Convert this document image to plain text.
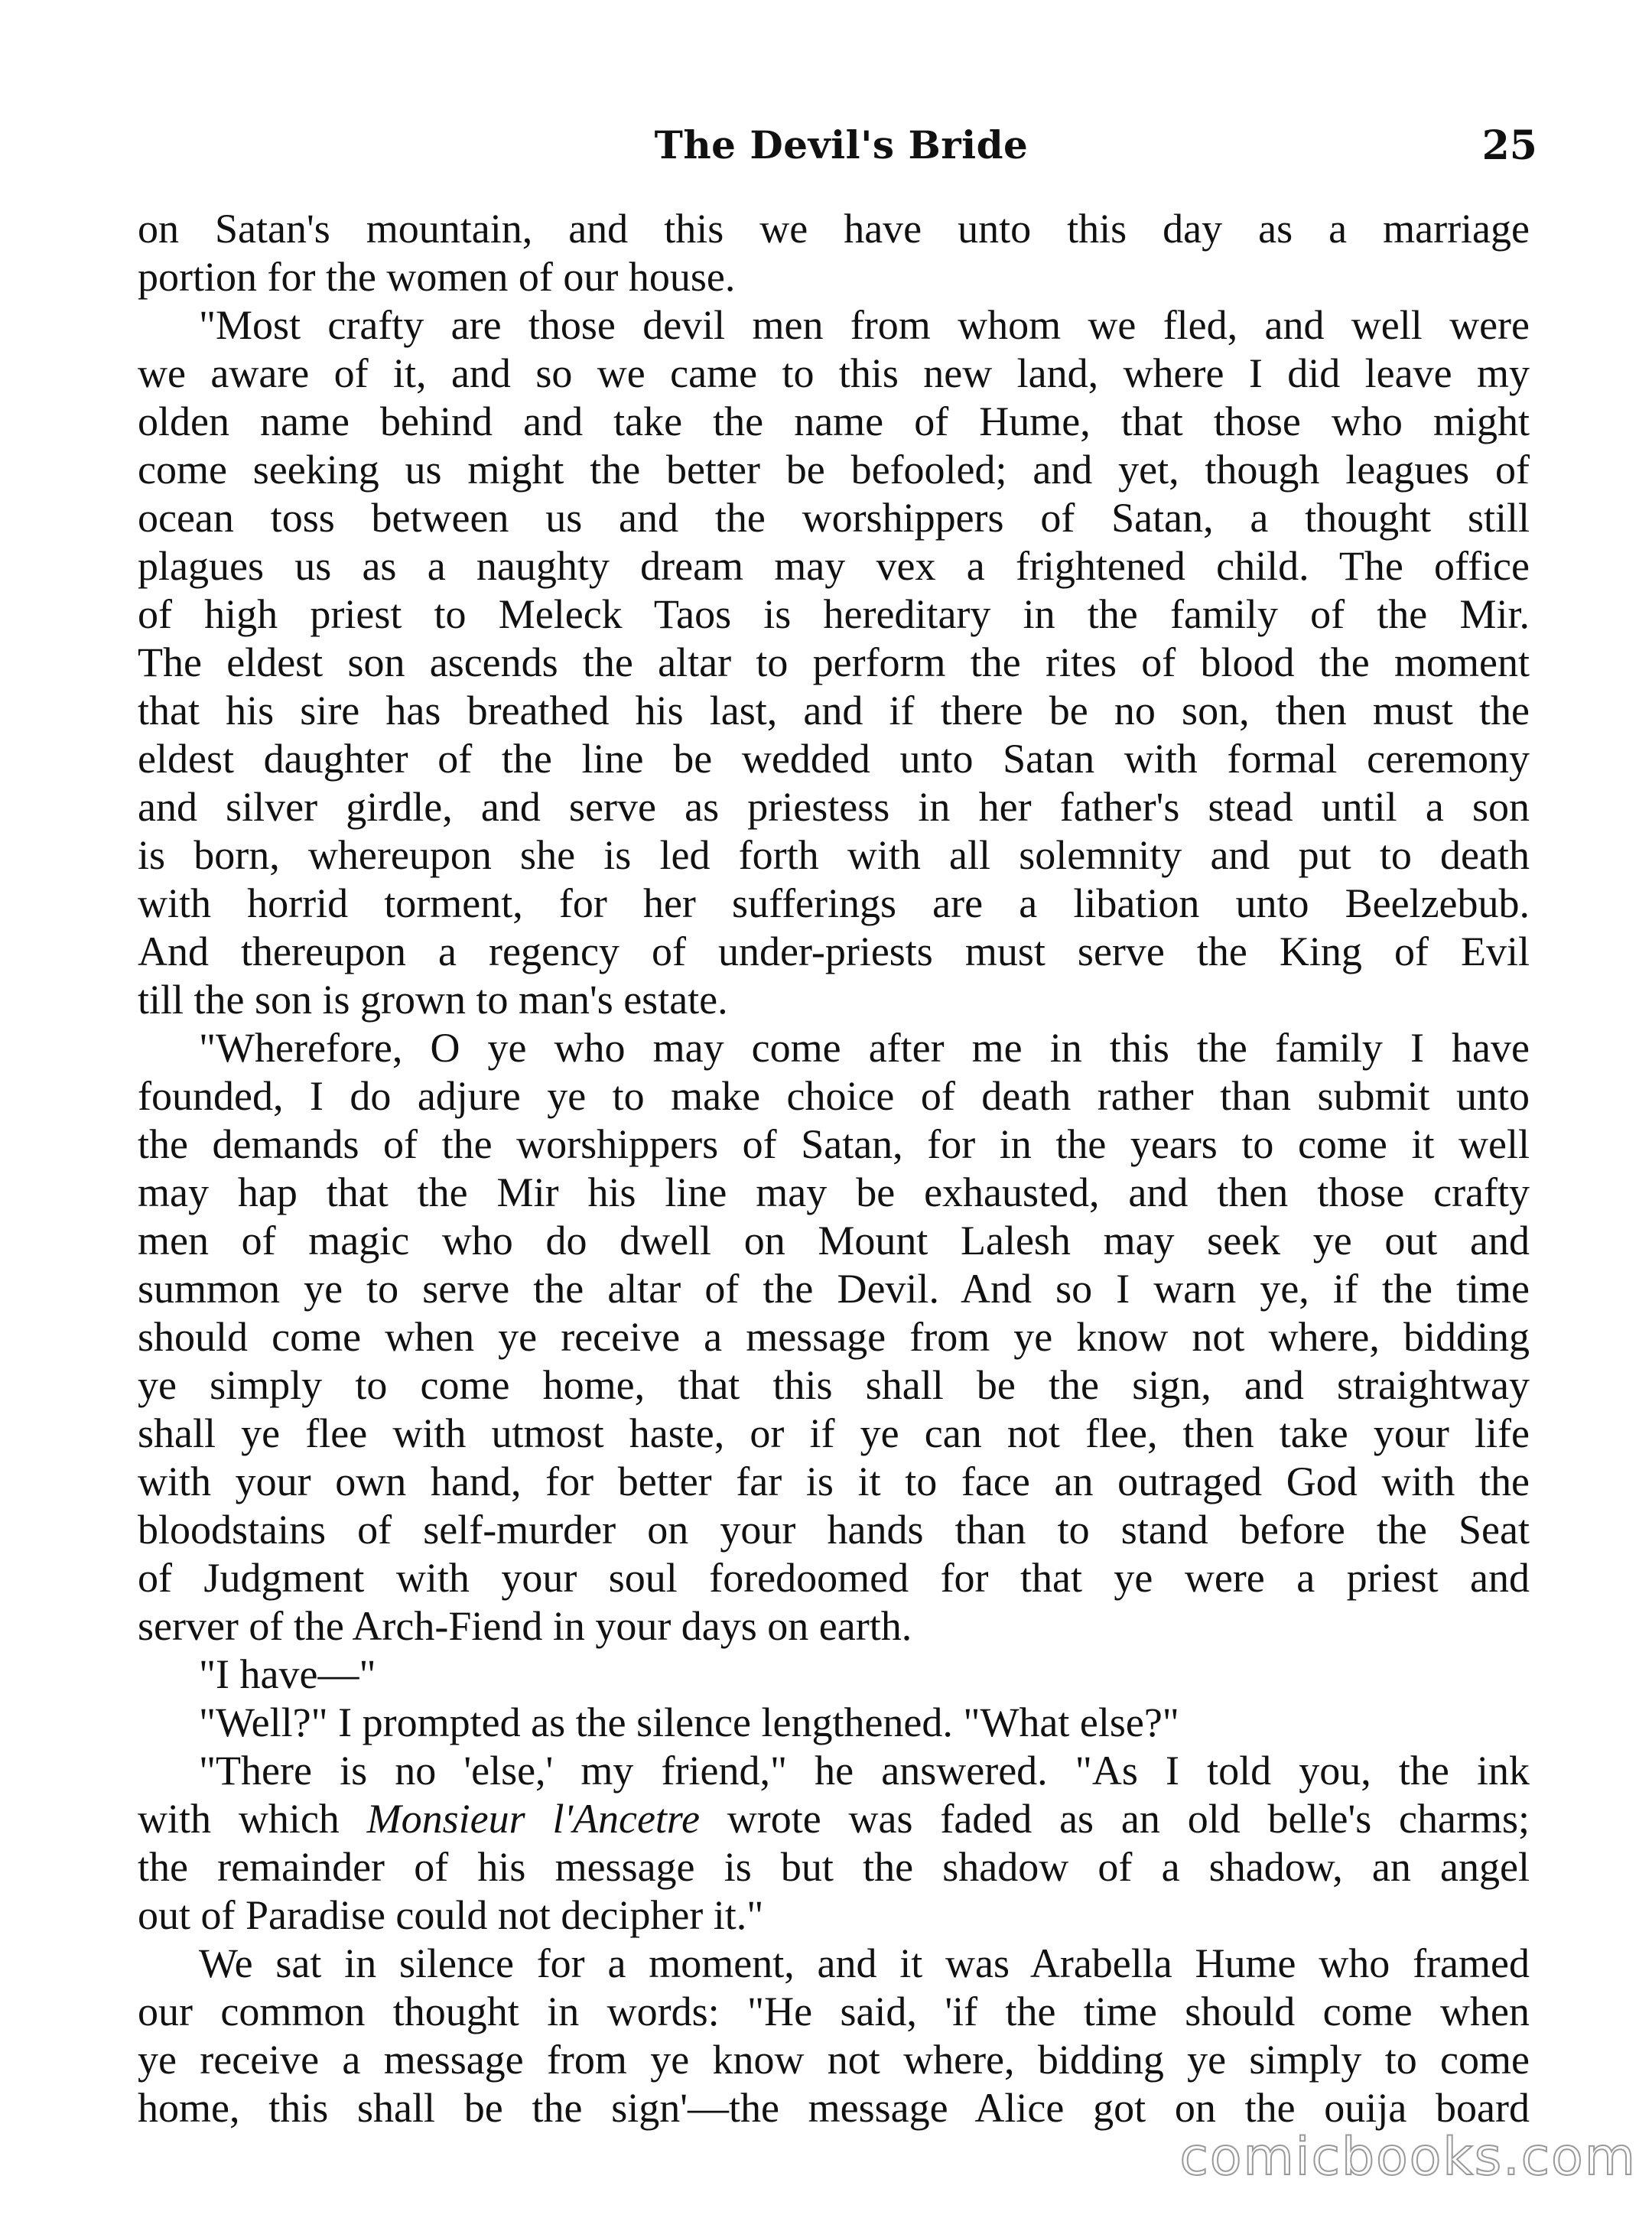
The Devil's Bride	25
on Satan's mountain, and this we have unto this day as a marriage
portion for the women of our house.
"Most crafty are those devil men from whom we fled, and well were
we aware of it, and so we came to this new land, where I did leave my
olden name behind and take the name of Hume, that those who might
come seeking us might the better be befooled; and yet, though leagues of
ocean toss between us and the worshippers of Satan, a thought still
plagues us as a naughty dream may vex a frightened child. The office
of high priest to Meleck Taos is hereditary in the family of the Mir.
The eldest son ascends the altar to perform the rites of blood the moment
that his sire has breathed his last, and if there be no son, then must the
eldest daughter of the line be wedded unto Satan with formal ceremony
and silver girdle, and serve as priestess in her father's stead until a son
is born, whereupon she is led forth with all solemnity and put to death
with horrid torment, for her sufferings are a libation unto Beelzebub.
And thereupon a regency of under-priests must serve the King of Evil
till the son is grown to man's estate.
"Wherefore, O ye who may come after me in this the family I have
founded, I do adjure ye to make choice of death rather than submit unto
the demands of the worshippers of Satan, for in the years to come it well
may hap that the Mir his line may be exhausted, and then those crafty
men of magic who do dwell on Mount Lalesh may seek ye out and
summon ye to serve the altar of the Devil. And so I warn ye, if the time
should come when ye receive a message from ye know not where, bidding
ye simply to come home, that this shall be the sign, and straightway
shall ye flee with utmost haste, or if ye can not flee, then take your life
with your own hand, for better far is it to face an outraged God with the
bloodstains of self-murder on your hands than to stand before the Seat
of Judgment with your soul foredoomed for that ye were a priest and
server of the Arch-Fiend in your days on earth.
"I have—"
"Well?" I prompted as the silence lengthened. "What else?"
"There is no 'else,' my friend," he answered. "As I told you, the ink
with which Monsieur l'Ancetre wrote was faded as an old belle's charms;
the remainder of his message is but the shadow of a shadow, an angel
out of Paradise could not decipher it."
We sat in silence for a moment, and it was Arabella Hume who framed
our common thought in words: "He said, 'if the time should come when
ye receive a message from ye know not where, bidding ye simply to come
home, this shall be the sign'—the message Alice got on the ouija board
comicbooks.com
